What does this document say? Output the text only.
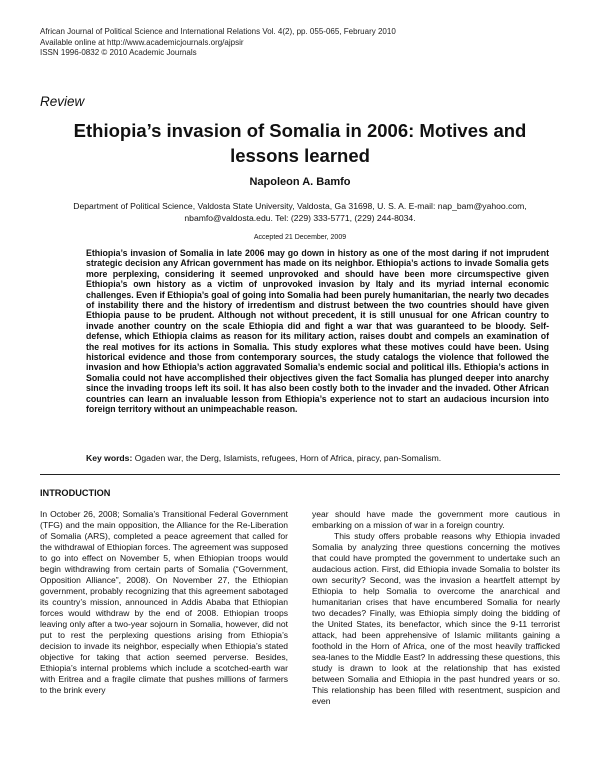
African Journal of Political Science and International Relations Vol. 4(2), pp. 055-065, February 2010
Available online at http://www.academicjournals.org/ajpsir
ISSN 1996-0832 © 2010 Academic Journals
Review
Ethiopia’s invasion of Somalia in 2006: Motives and
lessons learned
Napoleon A. Bamfo
Department of Political Science, Valdosta State University, Valdosta, Ga 31698, U. S. A. E-mail: nap_bam@yahoo.com,
nbamfo@valdosta.edu. Tel: (229) 333-5771, (229) 244-8034.
Accepted 21 December, 2009

Ethiopia’s invasion of Somalia in late 2006 may go down in history as one of the most daring if not imprudent strategic decision any African government has made on its neighbor. Ethiopia’s actions to invade Somalia gets more perplexing, considering it seemed unprovoked and should have been more circumspective given Ethiopia’s own history as a victim of unprovoked invasion by Italy and its myriad internal economic challenges. Even if Ethiopia’s goal of going into Somalia had been purely humanitarian, the nearly two decades of instability there and the history of irredentism and distrust between the two countries should have given Ethiopia pause to be prudent. Although not without precedent, it is still unusual for one African country to invade another country on the scale Ethiopia did and fight a war that was guaranteed to be bloody. Self-defense, which Ethiopia claims as reason for its military action, raises doubt and compels an examination of the real motives for its actions in Somalia. This study explores what these motives could have been. Using historical evidence and those from contemporary sources, the study catalogs the violence that followed the invasion and how Ethiopia’s action aggravated Somalia’s endemic social and political ills. Ethiopia’s actions in Somalia could not have accomplished their objectives given the fact Somalia has plunged deeper into anarchy since the invading troops left its soil. It has also been costly both to the invader and the invaded. Other African countries can learn an invaluable lesson from Ethiopia’s experience not to start an audacious incursion into foreign territory without an unimpeachable reason.

Key words: Ogaden war, the Derg, Islamists, refugees, Horn of Africa, piracy, pan-Somalism.

INTRODUCTION

In October 26, 2008; Somalia’s Transitional Federal Government (TFG) and the main opposition, the Alliance for the Re-Liberation of Somalia (ARS), completed a peace agreement that called for the withdrawal of Ethiopian forces. The agreement was supposed to go into effect on November 5, when Ethiopian troops would begin withdrawing from certain parts of Somalia (“Government, Opposition Alliance”, 2008). On November 27, the Ethiopian government, probably recognizing that this agreement sabotaged its country’s mission, announced in Addis Ababa that Ethiopian forces would withdraw by the end of 2008. Ethiopian troops leaving only after a two-year sojourn in Somalia, however, did not put to rest the perplexing questions arising from Ethiopia’s decision to invade its neighbor, especially when Ethiopia’s stated objective for taking that action seemed perverse. Besides, Ethiopia’s internal problems which include a scotched-earth war with Eritrea and a fragile climate that pushes millions of farmers to the brink every

year should have made the government more cautious in embarking on a mission of war in a foreign country.

This study offers probable reasons why Ethiopia invaded Somalia by analyzing three questions concerning the motives that could have prompted the government to undertake such an audacious action. First, did Ethiopia invade Somalia to bolster its own security? Second, was the invasion a heartfelt attempt by Ethiopia to help Somalia to overcome the anarchical and humanitarian crises that have encumbered Somalia for nearly two decades? Finally, was Ethiopia simply doing the bidding of the United States, its benefactor, which since the 9-11 terrorist attack, had been apprehensive of Islamic militants gaining a foothold in the Horn of Africa, one of the most heavily trafficked sea-lanes to the Middle East? In addressing these questions, this study is drawn to look at the relationship that has existed between Somalia and Ethiopia in the past hundred years or so. This relationship has been filled with resentment, suspicion and even
